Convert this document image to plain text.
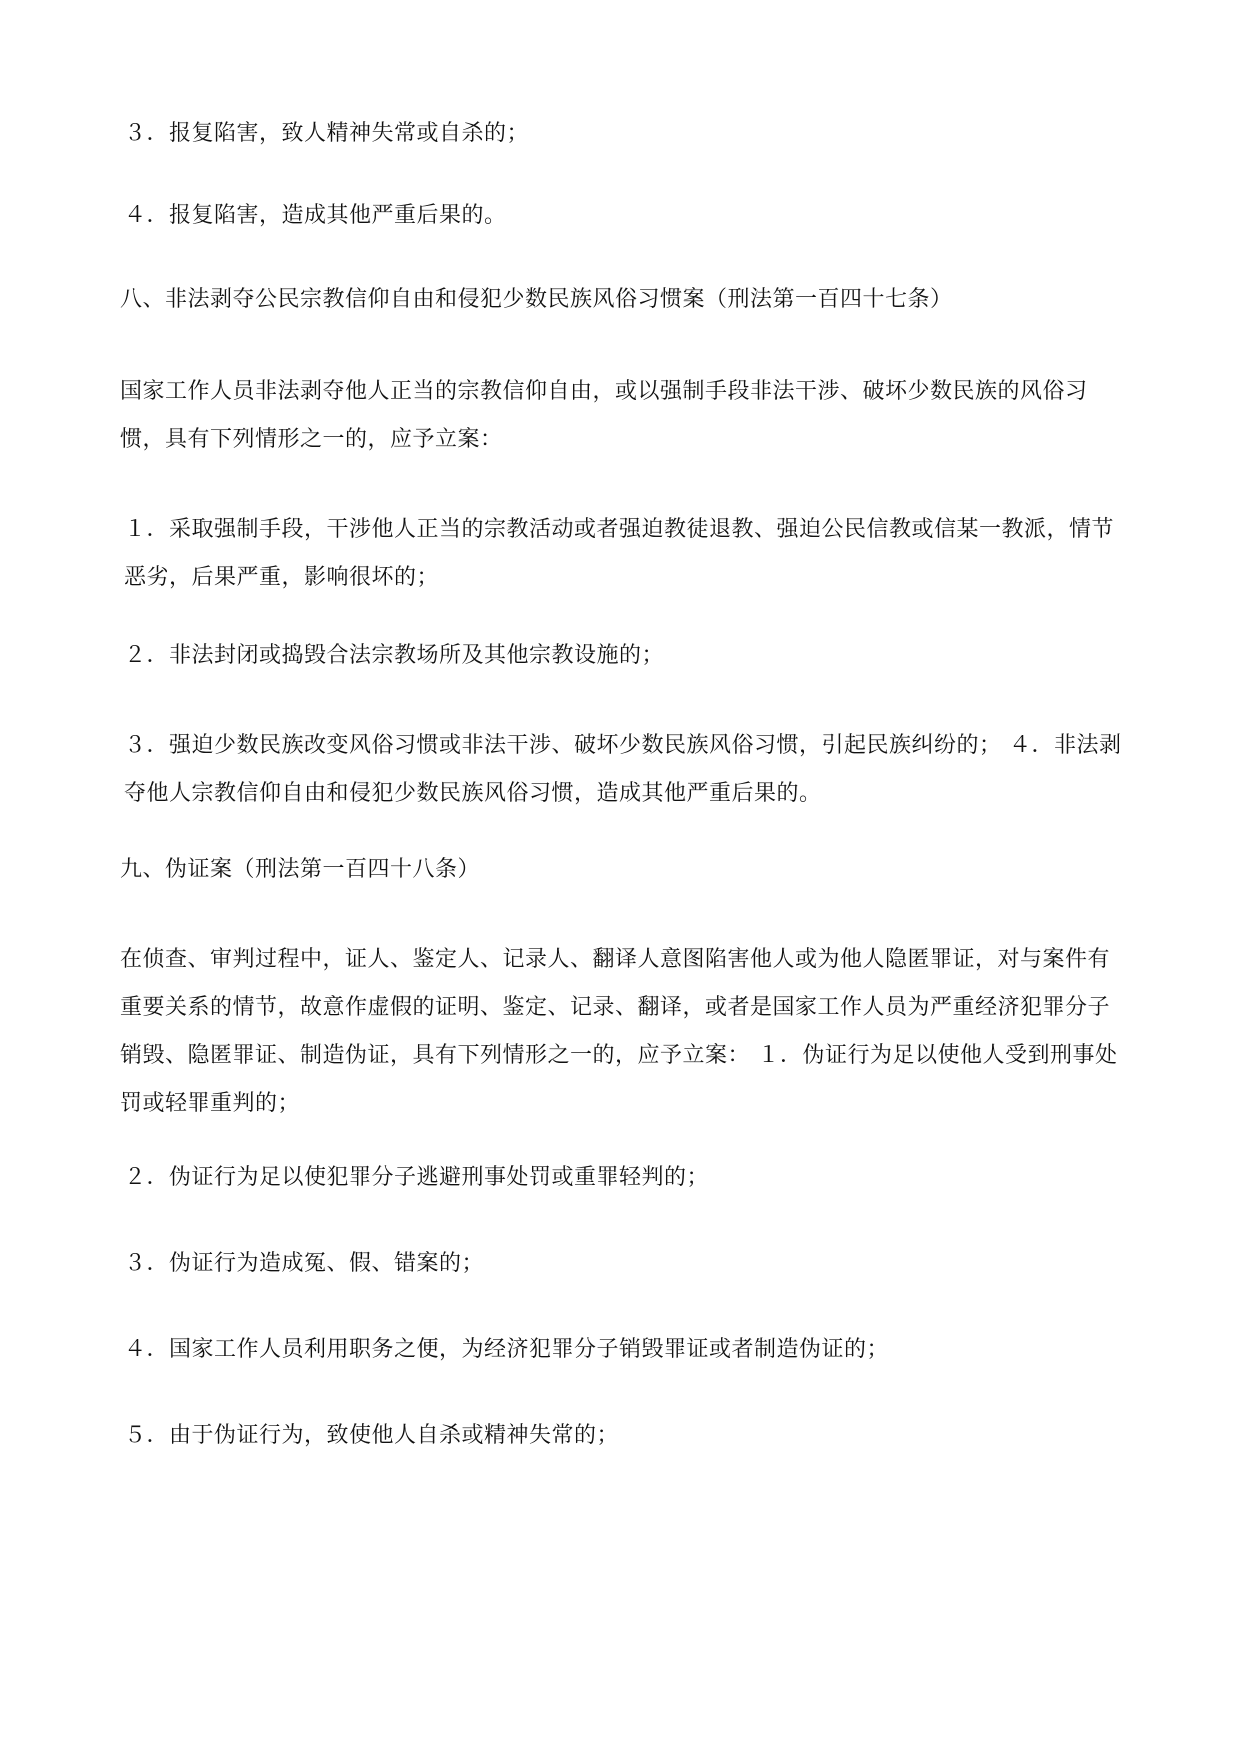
３．报复陷害，致人精神失常或自杀的；

４．报复陷害，造成其他严重后果的。

八、非法剥夺公民宗教信仰自由和侵犯少数民族风俗习惯案（刑法第一百四十七条）

国家工作人员非法剥夺他人正当的宗教信仰自由，或以强制手段非法干涉、破坏少数民族的风俗习惯，具有下列情形之一的，应予立案：

１．采取强制手段，干涉他人正当的宗教活动或者强迫教徒退教、强迫公民信教或信某一教派，情节恶劣，后果严重，影响很坏的；

２．非法封闭或捣毁合法宗教场所及其他宗教设施的；

３．强迫少数民族改变风俗习惯或非法干涉、破坏少数民族风俗习惯，引起民族纠纷的； ４．非法剥夺他人宗教信仰自由和侵犯少数民族风俗习惯，造成其他严重后果的。

九、伪证案（刑法第一百四十八条）

在侦查、审判过程中，证人、鉴定人、记录人、翻译人意图陷害他人或为他人隐匿罪证，对与案件有重要关系的情节，故意作虚假的证明、鉴定、记录、翻译，或者是国家工作人员为严重经济犯罪分子销毁、隐匿罪证、制造伪证，具有下列情形之一的，应予立案： １．伪证行为足以使他人受到刑事处罚或轻罪重判的；

２．伪证行为足以使犯罪分子逃避刑事处罚或重罪轻判的；

３．伪证行为造成冤、假、错案的；

４．国家工作人员利用职务之便，为经济犯罪分子销毁罪证或者制造伪证的；

５．由于伪证行为，致使他人自杀或精神失常的；
